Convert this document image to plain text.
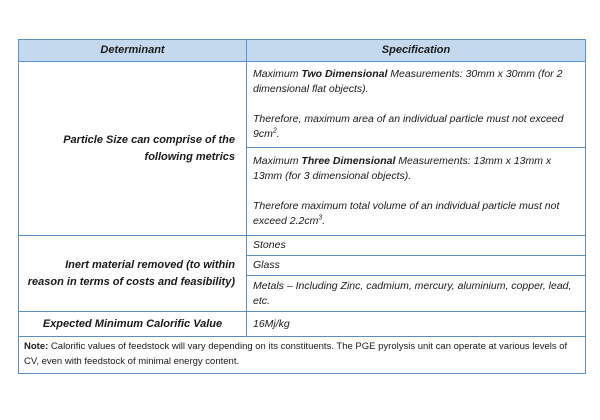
Determinant	Specification
Particle Size can comprise of the following metrics	Maximum Two Dimensional Measurements: 30mm x 30mm (for 2 dimensional flat objects).

Therefore, maximum area of an individual particle must not exceed $9cm^2$.

	Maximum Three Dimensional Measurements: 13mm x 13mm x 13mm (for 3 dimensional objects).

Therefore maximum total volume of an individual particle must not exceed $2.2cm^3$.

Inert material removed (to within reason in terms of costs and feasibility)	Stones
	Glass
	Metals – Including Zinc, cadmium, mercury, aluminium, copper, lead, etc.
Expected Minimum Calorific Value	16Mj/kg
Note: Calorific values of feedstock will vary depending on its constituents. The PGE pyrolysis unit can operate at various levels of CV, even with feedstock of minimal energy content.	
